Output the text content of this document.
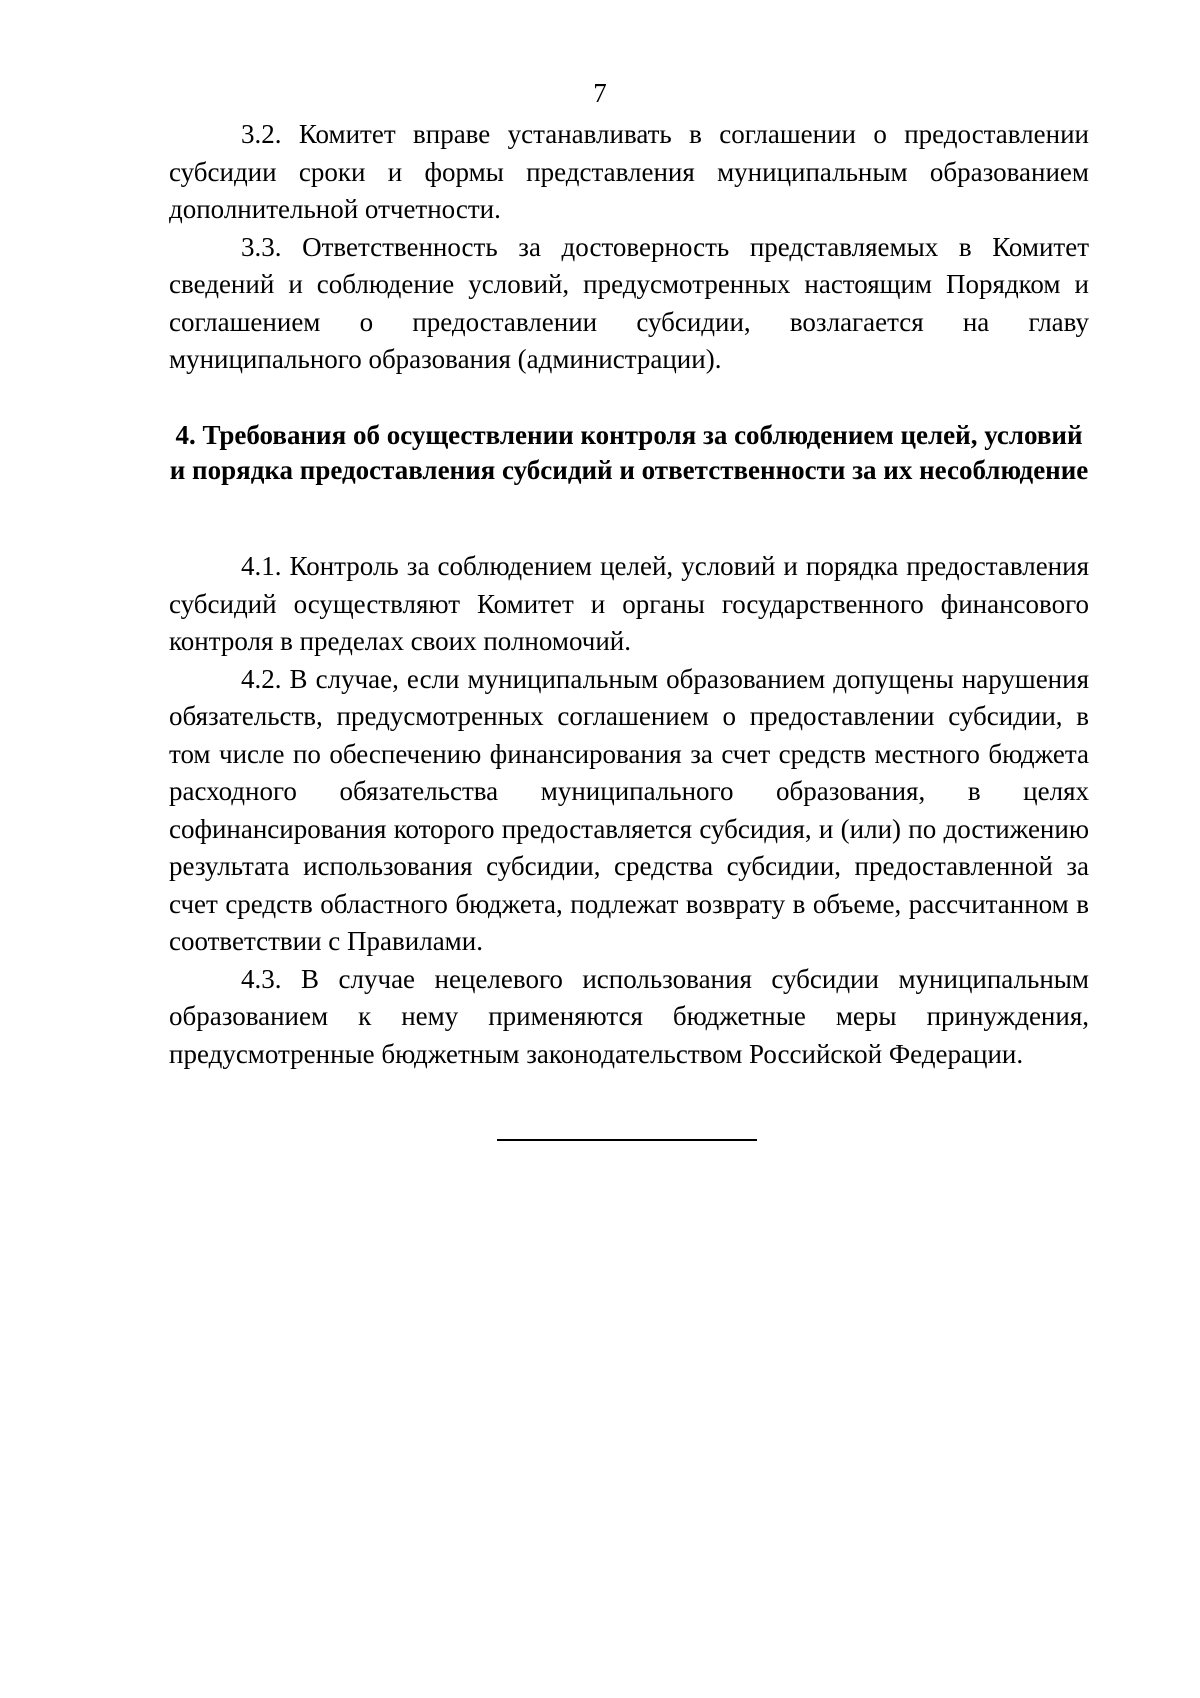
7

3.2. Комитет вправе устанавливать в соглашении о предоставлении субсидии сроки и формы представления муниципальным образованием дополнительной отчетности.

3.3. Ответственность за достоверность представляемых в Комитет сведений и соблюдение условий, предусмотренных настоящим Порядком и соглашением о предоставлении субсидии, возлагается на главу муниципального образования (администрации).

4. Требования об осуществлении контроля за соблюдением целей, условий и порядка предоставления субсидий и ответственности за их несоблюдение

4.1. Контроль за соблюдением целей, условий и порядка предоставления субсидий осуществляют Комитет и органы государственного финансового контроля в пределах своих полномочий.

4.2. В случае, если муниципальным образованием допущены нарушения обязательств, предусмотренных соглашением о предоставлении субсидии, в том числе по обеспечению финансирования за счет средств местного бюджета расходного обязательства муниципального образования, в целях софинансирования которого предоставляется субсидия, и (или) по достижению результата использования субсидии, средства субсидии, предоставленной за счет средств областного бюджета, подлежат возврату в объеме, рассчитанном в соответствии с Правилами.

4.3. В случае нецелевого использования субсидии муниципальным образованием к нему применяются бюджетные меры принуждения, предусмотренные бюджетным законодательством Российской Федерации.
